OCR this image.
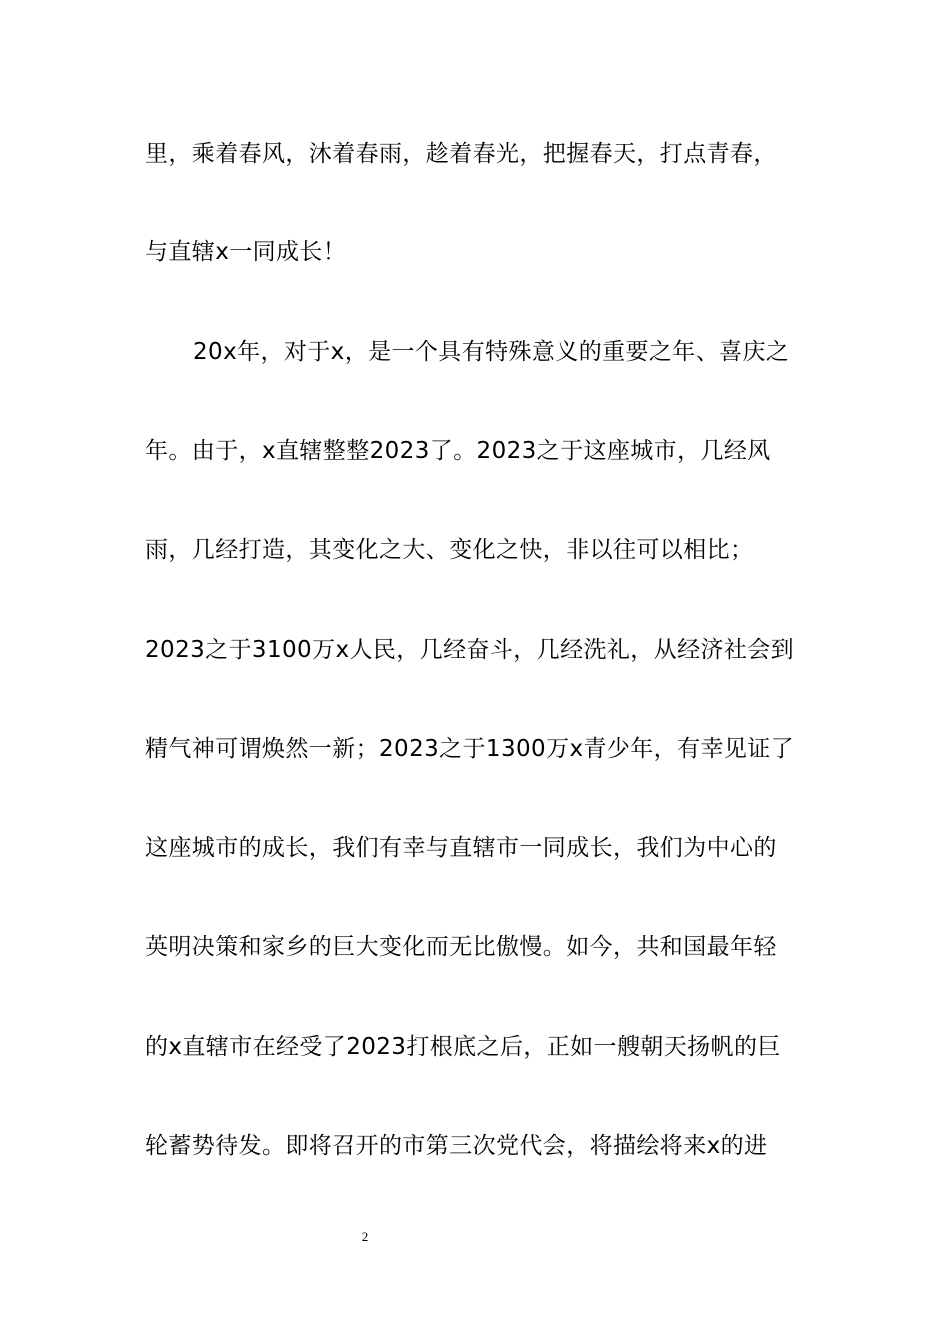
里，乘着春风，沐着春雨，趁着春光，把握春天，打点青春，
与直辖x一同成长！
20x年，对于x，是一个具有特殊意义的重要之年、喜庆之
年。由于，x直辖整整2023了。2023之于这座城市，几经风
雨，几经打造，其变化之大、变化之快，非以往可以相比；
2023之于3100万x人民，几经奋斗，几经洗礼，从经济社会到
精气神可谓焕然一新；2023之于1300万x青少年，有幸见证了
这座城市的成长，我们有幸与直辖市一同成长，我们为中心的
英明决策和家乡的巨大变化而无比傲慢。如今，共和国最年轻
的x直辖市在经受了2023打根底之后，正如一艘朝天扬帆的巨
轮蓄势待发。即将召开的市第三次党代会，将描绘将来x的进
2
